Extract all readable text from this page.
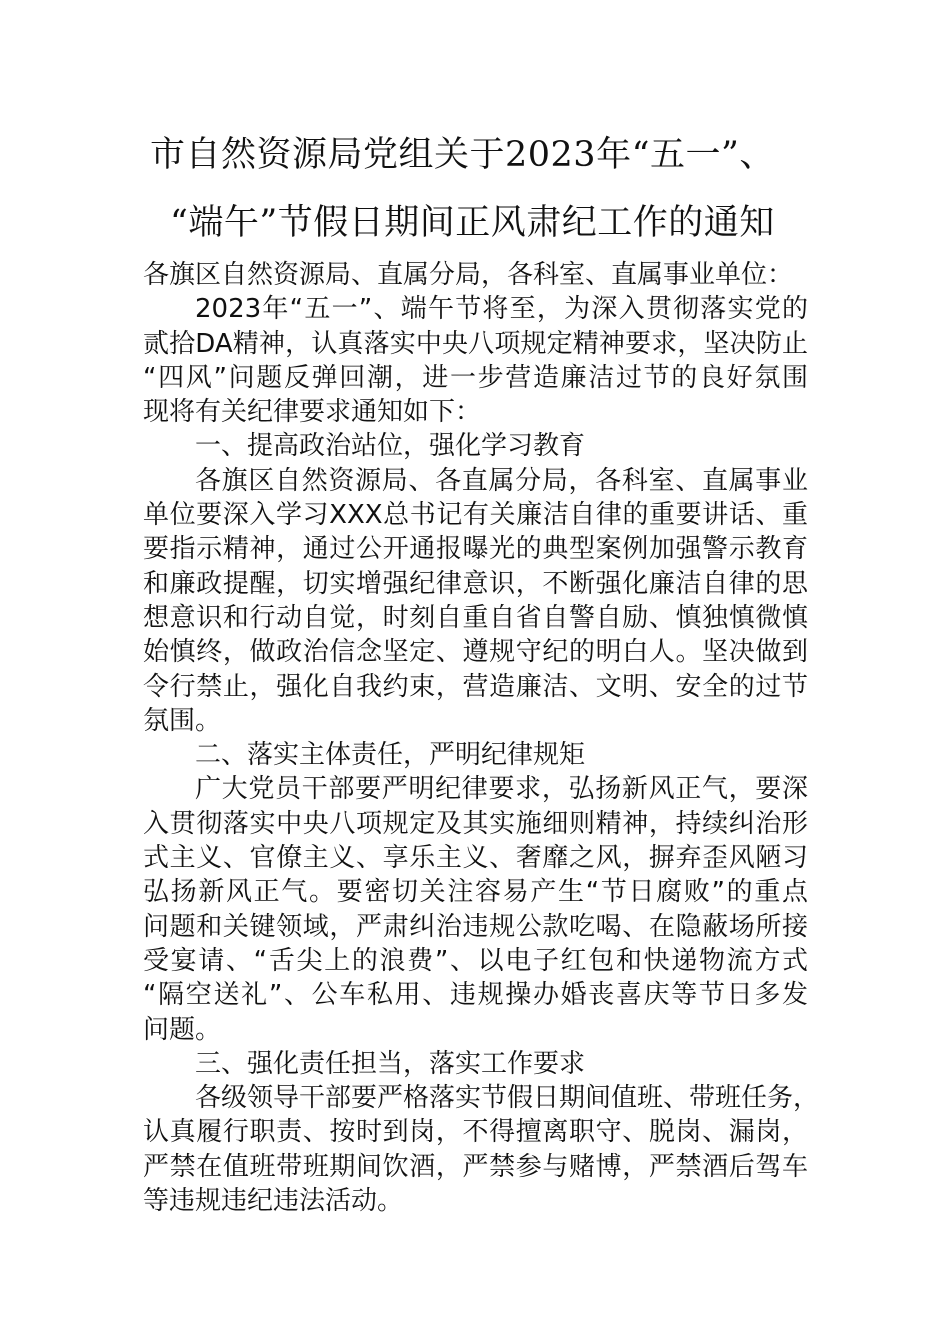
市自然资源局党组关于2023年“五一”、
“端午”节假日期间正风肃纪工作的通知
各旗区自然资源局、直属分局，各科室、直属事业单位：
2023年“五一”、端午节将至，为深入贯彻落实党的
贰拾DA精神，认真落实中央八项规定精神要求，坚决防止
“四风”问题反弹回潮，进一步营造廉洁过节的良好氛围
现将有关纪律要求通知如下：
一、提高政治站位，强化学习教育
各旗区自然资源局、各直属分局，各科室、直属事业
单位要深入学习XXX总书记有关廉洁自律的重要讲话、重
要指示精神，通过公开通报曝光的典型案例加强警示教育
和廉政提醒，切实增强纪律意识，不断强化廉洁自律的思
想意识和行动自觉，时刻自重自省自警自励、慎独慎微慎
始慎终，做政治信念坚定、遵规守纪的明白人。坚决做到
令行禁止，强化自我约束，营造廉洁、文明、安全的过节
氛围。
二、落实主体责任，严明纪律规矩
广大党员干部要严明纪律要求，弘扬新风正气，要深
入贯彻落实中央八项规定及其实施细则精神，持续纠治形
式主义、官僚主义、享乐主义、奢靡之风，摒弃歪风陋习
弘扬新风正气。要密切关注容易产生“节日腐败”的重点
问题和关键领域，严肃纠治违规公款吃喝、在隐蔽场所接
受宴请、“舌尖上的浪费”、以电子红包和快递物流方式
“隔空送礼”、公车私用、违规操办婚丧喜庆等节日多发
问题。
三、强化责任担当，落实工作要求
各级领导干部要严格落实节假日期间值班、带班任务，
认真履行职责、按时到岗，不得擅离职守、脱岗、漏岗，
严禁在值班带班期间饮酒，严禁参与赌博，严禁酒后驾车
等违规违纪违法活动。
